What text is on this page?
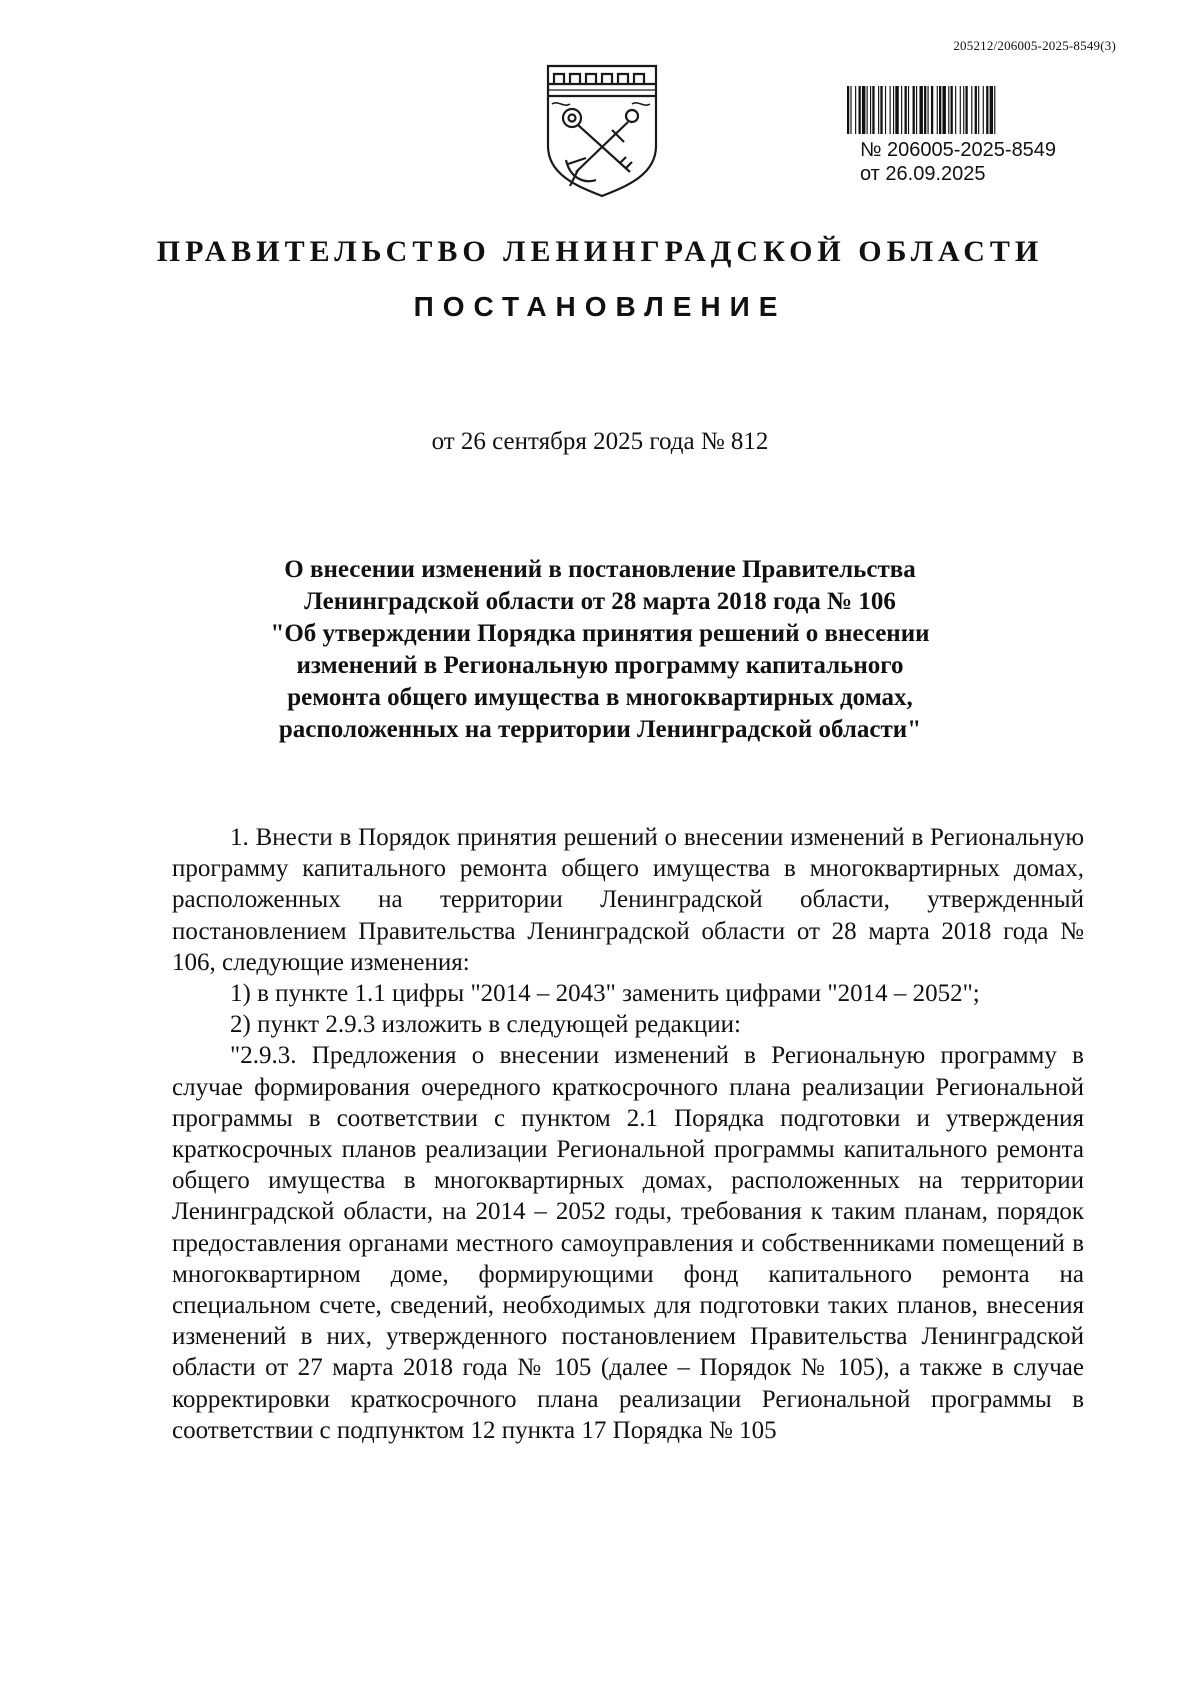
205212/206005-2025-8549(3)
№ 206005-2025-8549
от 26.09.2025
ПРАВИТЕЛЬСТВО ЛЕНИНГРАДСКОЙ ОБЛАСТИ
ПОСТАНОВЛЕНИЕ
от 26 сентября 2025 года № 812
О внесении изменений в постановление Правительства
Ленинградской области от 28 марта 2018 года № 106
"Об утверждении Порядка принятия решений о внесении
изменений в Региональную программу капитального
ремонта общего имущества в многоквартирных домах,
расположенных на территории Ленинградской области"

1. Внести в Порядок принятия решений о внесении изменений в Региональную программу капитального ремонта общего имущества в многоквартирных домах, расположенных на территории Ленинградской области, утвержденный постановлением Правительства Ленинградской области от 28 марта 2018 года № 106, следующие изменения:

1) в пункте 1.1 цифры "2014 – 2043" заменить цифрами "2014 – 2052";

2) пункт 2.9.3 изложить в следующей редакции:

"2.9.3. Предложения о внесении изменений в Региональную программу в случае формирования очередного краткосрочного плана реализации Региональной программы в соответствии с пунктом 2.1 Порядка подготовки и утверждения краткосрочных планов реализации Региональной программы капитального ремонта общего имущества в многоквартирных домах, расположенных на территории Ленинградской области, на 2014 – 2052 годы, требования к таким планам, порядок предоставления органами местного самоуправления и собственниками помещений в многоквартирном доме, формирующими фонд капитального ремонта на специальном счете, сведений, необходимых для подготовки таких планов, внесения изменений в них, утвержденного постановлением Правительства Ленинградской области от 27 марта 2018 года № 105 (далее – Порядок № 105), а также в случае корректировки краткосрочного плана реализации Региональной программы в соответствии с подпунктом 12 пункта 17 Порядка № 105
